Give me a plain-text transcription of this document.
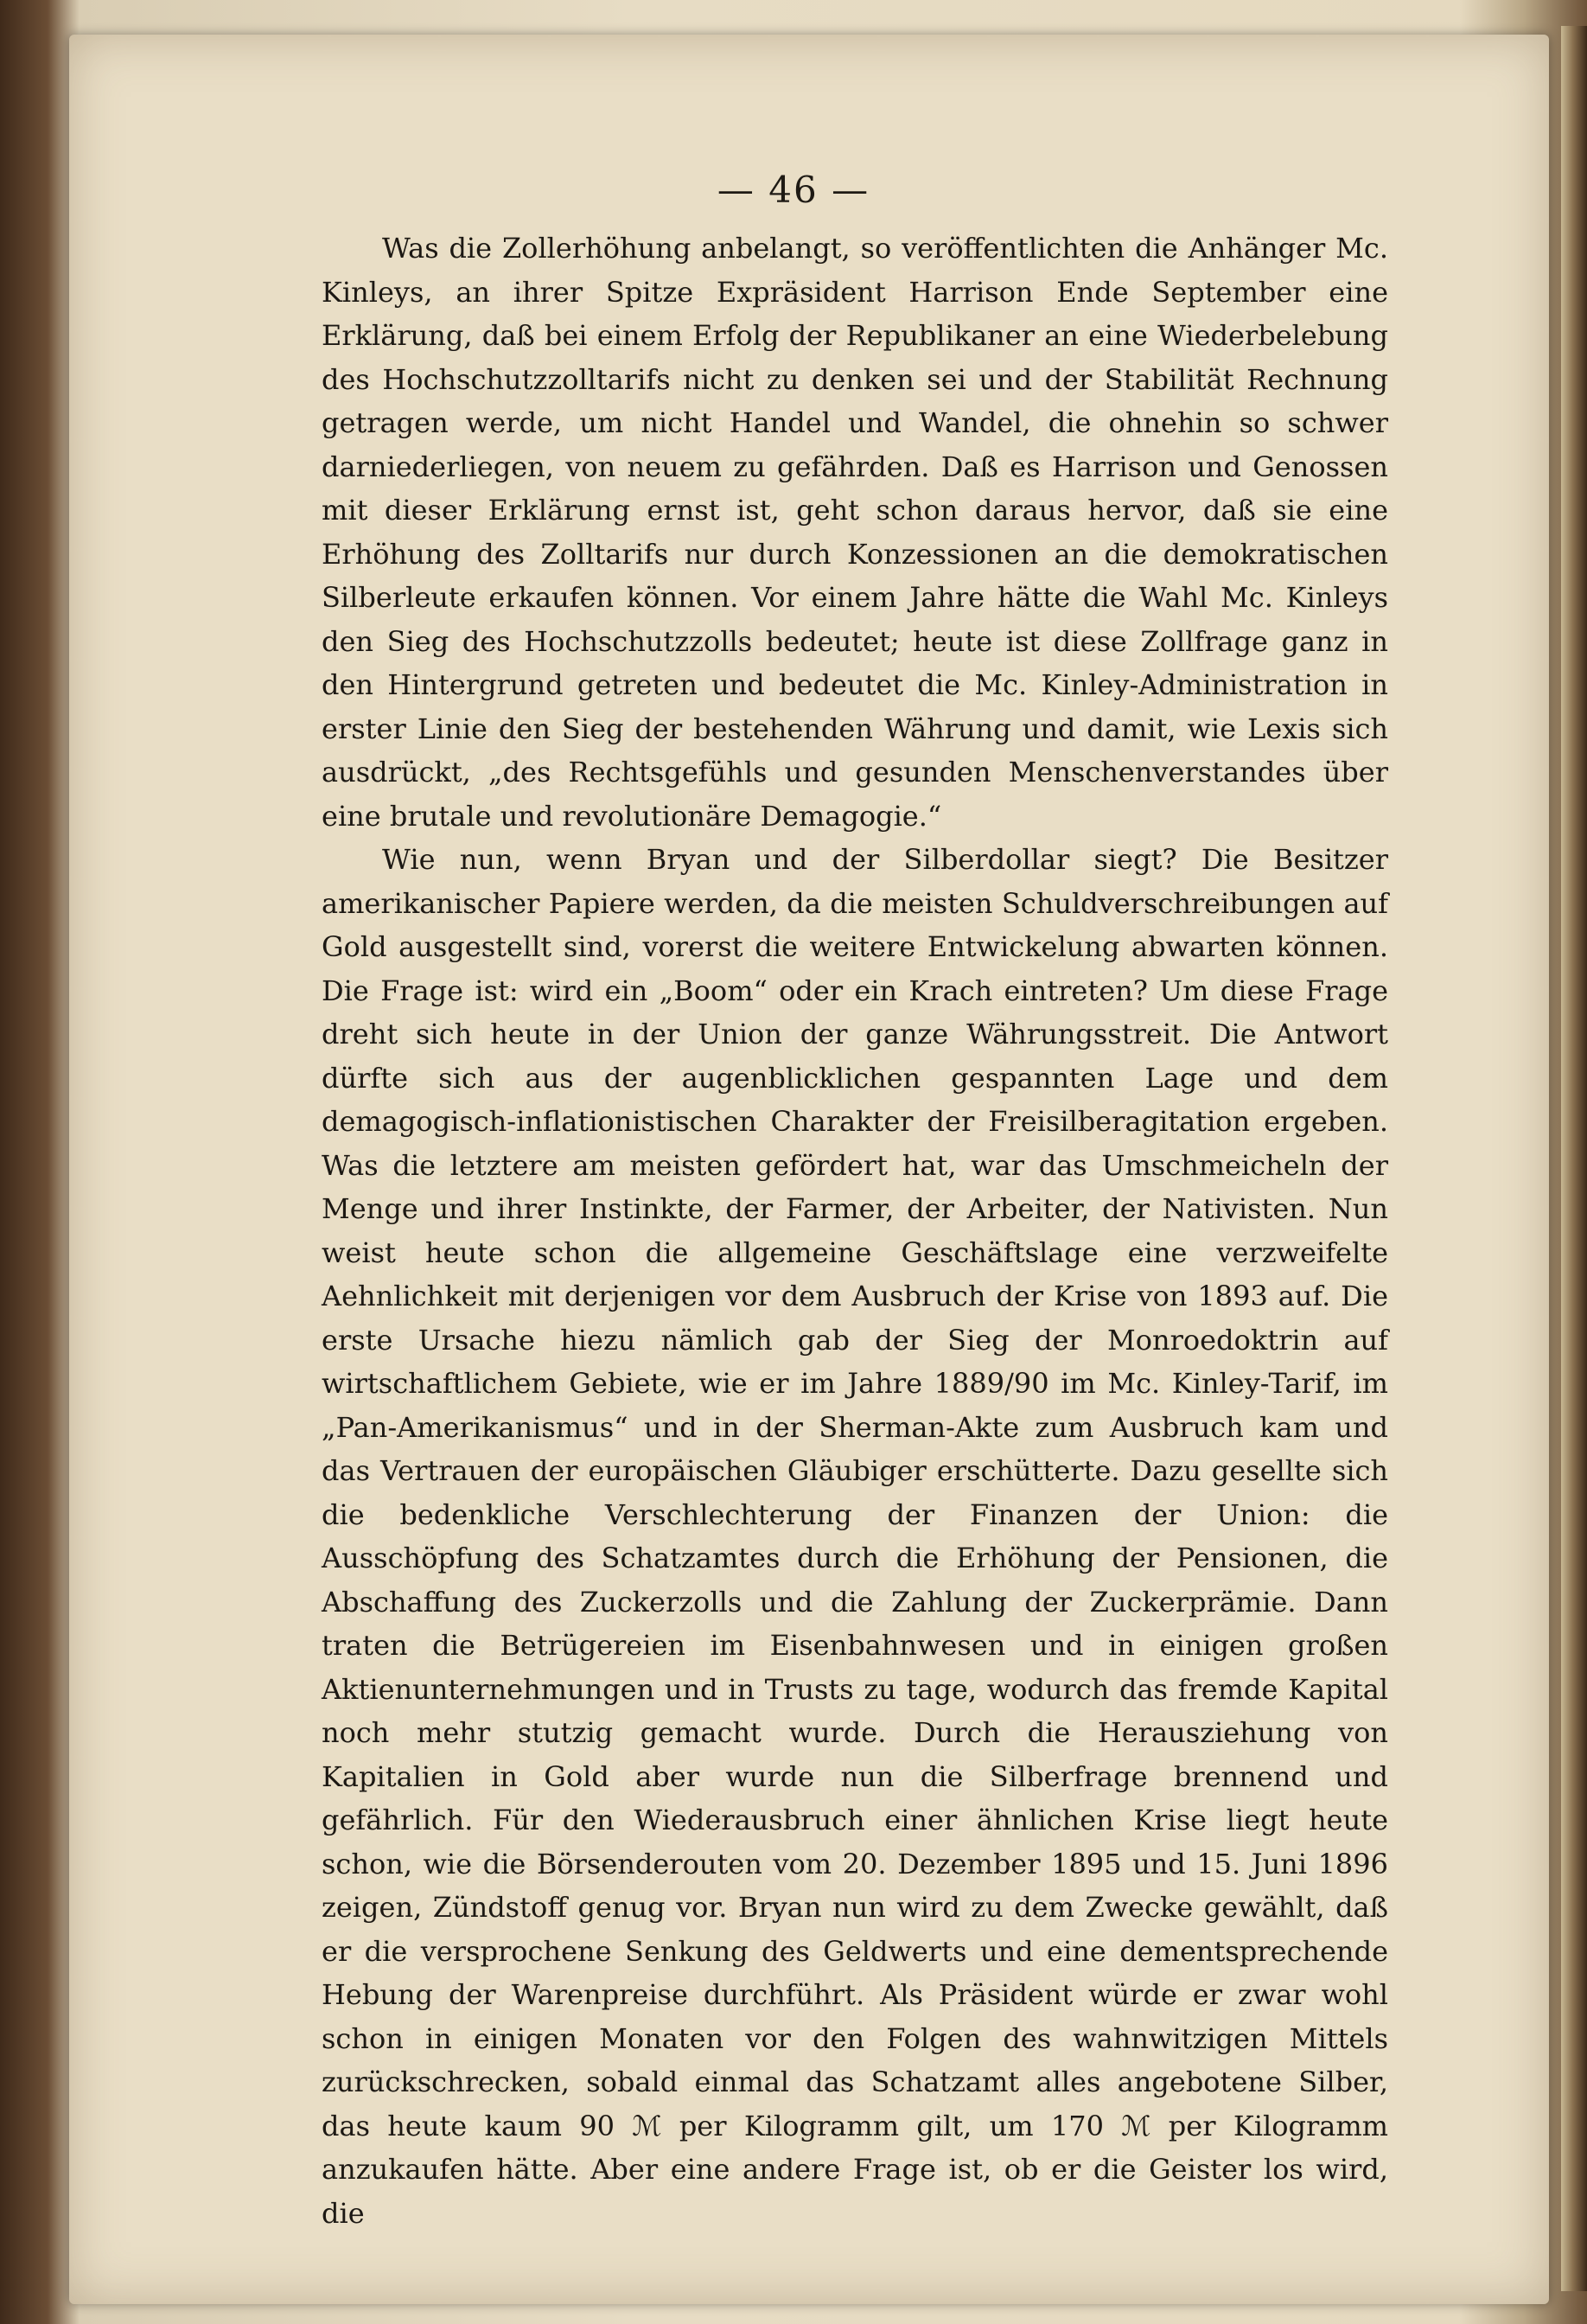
— 46 —

Was die Zollerhöhung anbelangt, so veröffentlichten die Anhänger Mc. Kinleys, an ihrer Spitze Expräsident Harrison Ende September eine Erklärung, daß bei einem Erfolg der Republikaner an eine Wiederbelebung des Hochschutzzolltarifs nicht zu denken sei und der Stabilität Rechnung getragen werde, um nicht Handel und Wandel, die ohnehin so schwer darniederliegen, von neuem zu gefährden. Daß es Harrison und Genossen mit dieser Erklärung ernst ist, geht schon daraus hervor, daß sie eine Erhöhung des Zolltarifs nur durch Konzessionen an die demokratischen Silberleute erkaufen können. Vor einem Jahre hätte die Wahl Mc. Kinleys den Sieg des Hochschutzzolls bedeutet; heute ist diese Zollfrage ganz in den Hintergrund getreten und bedeutet die Mc. Kinley-Administration in erster Linie den Sieg der bestehenden Währung und damit, wie Lexis sich ausdrückt, „des Rechtsgefühls und gesunden Menschenverstandes über eine brutale und revolutionäre Demagogie.“

Wie nun, wenn Bryan und der Silberdollar siegt? Die Besitzer amerikanischer Papiere werden, da die meisten Schuldverschreibungen auf Gold ausgestellt sind, vorerst die weitere Entwickelung abwarten können. Die Frage ist: wird ein „Boom“ oder ein Krach eintreten? Um diese Frage dreht sich heute in der Union der ganze Währungsstreit. Die Antwort dürfte sich aus der augenblicklichen gespannten Lage und dem demagogisch-inflationistischen Charakter der Freisilberagitation ergeben. Was die letztere am meisten gefördert hat, war das Umschmeicheln der Menge und ihrer Instinkte, der Farmer, der Arbeiter, der Nativisten. Nun weist heute schon die allgemeine Geschäftslage eine verzweifelte Aehnlichkeit mit derjenigen vor dem Ausbruch der Krise von 1893 auf. Die erste Ursache hiezu nämlich gab der Sieg der Monroedoktrin auf wirtschaftlichem Gebiete, wie er im Jahre 1889/90 im Mc. Kinley-Tarif, im „Pan-Amerikanismus“ und in der Sherman-Akte zum Ausbruch kam und das Vertrauen der europäischen Gläubiger erschütterte. Dazu gesellte sich die bedenkliche Verschlechterung der Finanzen der Union: die Ausschöpfung des Schatzamtes durch die Erhöhung der Pensionen, die Abschaffung des Zuckerzolls und die Zahlung der Zuckerprämie. Dann traten die Betrügereien im Eisenbahnwesen und in einigen großen Aktienunternehmungen und in Trusts zu tage, wodurch das fremde Kapital noch mehr stutzig gemacht wurde. Durch die Herausziehung von Kapitalien in Gold aber wurde nun die Silberfrage brennend und gefährlich. Für den Wiederausbruch einer ähnlichen Krise liegt heute schon, wie die Börsenderouten vom 20. Dezember 1895 und 15. Juni 1896 zeigen, Zündstoff genug vor. Bryan nun wird zu dem Zwecke gewählt, daß er die versprochene Senkung des Geldwerts und eine dementsprechende Hebung der Warenpreise durchführt. Als Präsident würde er zwar wohl schon in einigen Monaten vor den Folgen des wahnwitzigen Mittels zurückschrecken, sobald einmal das Schatzamt alles angebotene Silber, das heute kaum 90 ℳ per Kilogramm gilt, um 170 ℳ per Kilogramm anzukaufen hätte. Aber eine andere Frage ist, ob er die Geister los wird, die
